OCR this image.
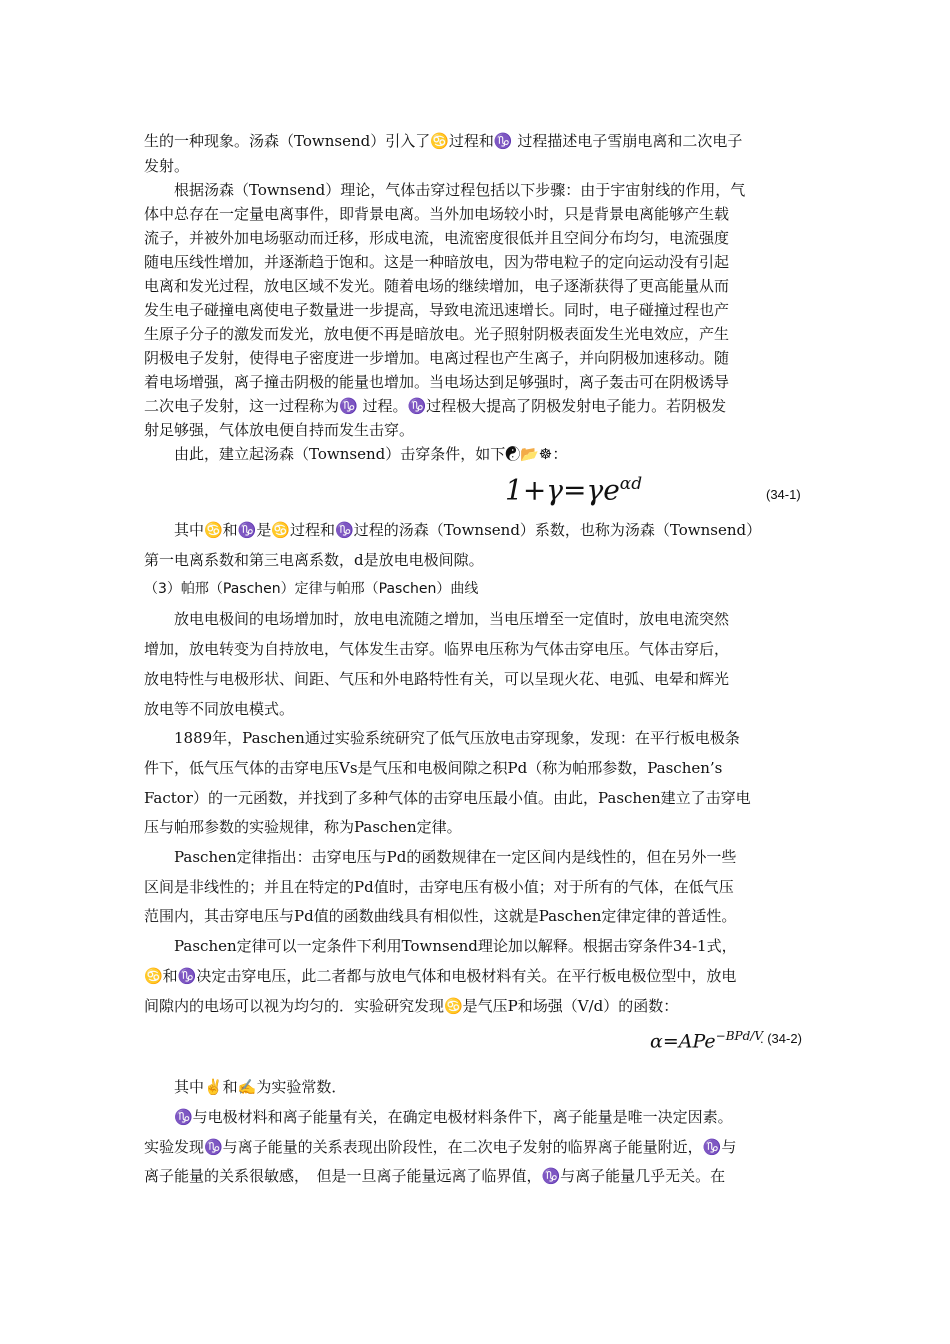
生的一种现象。汤森（Townsend）引入了♋过程和♑ 过程描述电子雪崩电离和二次电子
发射。
　　根据汤森（Townsend）理论，气体击穿过程包括以下步骤：由于宇宙射线的作用，气
体中总存在一定量电离事件，即背景电离。当外加电场较小时，只是背景电离能够产生载
流子，并被外加电场驱动而迁移，形成电流，电流密度很低并且空间分布均匀，电流强度
随电压线性增加，并逐渐趋于饱和。这是一种暗放电，因为带电粒子的定向运动没有引起
电离和发光过程，放电区域不发光。随着电场的继续增加，电子逐渐获得了更高能量从而
发生电子碰撞电离使电子数量进一步提高，导致电流迅速增长。同时，电子碰撞过程也产
生原子分子的激发而发光，放电便不再是暗放电。光子照射阴极表面发生光电效应，产生
阴极电子发射，使得电子密度进一步增加。电离过程也产生离子，并向阴极加速移动。随
着电场增强，离子撞击阴极的能量也增加。当电场达到足够强时，离子轰击可在阴极诱导
二次电子发射，这一过程称为♑ 过程。♑过程极大提高了阴极发射电子能力。若阴极发
射足够强，气体放电便自持而发生击穿。
　　由此，建立起汤森（Townsend）击穿条件，如下☯📂☸：
$1+\gamma=\gamma e^{\alpha d}$
(34-1)
　　其中♋和♑是♋过程和♑过程的汤森（Townsend）系数，也称为汤森（Townsend）
第一电离系数和第三电离系数，d是放电电极间隙。
（3）帕邢（Paschen）定律与帕邢（Paschen）曲线
　　放电电极间的电场增加时，放电电流随之增加，当电压增至一定值时，放电电流突然
增加，放电转变为自持放电，气体发生击穿。临界电压称为气体击穿电压。气体击穿后，
放电特性与电极形状、间距、气压和外电路特性有关，可以呈现火花、电弧、电晕和辉光
放电等不同放电模式。
　　1889年，Paschen通过实验系统研究了低气压放电击穿现象，发现：在平行板电极条
件下，低气压气体的击穿电压Vs是气压和电极间隙之积Pd（称为帕邢参数，Paschen’s
Factor）的一元函数，并找到了多种气体的击穿电压最小值。由此，Paschen建立了击穿电
压与帕邢参数的实验规律，称为Paschen定律。
　　Paschen定律指出：击穿电压与Pd的函数规律在一定区间内是线性的，但在另外一些
区间是非线性的；并且在特定的Pd值时，击穿电压有极小值；对于所有的气体，在低气压
范围内，其击穿电压与Pd值的函数曲线具有相似性，这就是Paschen定律定律的普适性。
　　Paschen定律可以一定条件下利用Townsend理论加以解释。根据击穿条件34-1式，
♋和♑决定击穿电压，此二者都与放电气体和电极材料有关。在平行板电极位型中，放电
间隙内的电场可以视为均匀的．实验研究发现♋是气压P和场强（V/d）的函数：
α=APe$^{-BPd/V}$
. (34-2)
　　其中✌和✍为实验常数．
　　♑与电极材料和离子能量有关，在确定电极材料条件下，离子能量是唯一决定因素。
实验发现♑与离子能量的关系表现出阶段性，在二次电子发射的临界离子能量附近，♑与
离子能量的关系很敏感，　但是一旦离子能量远离了临界值，♑与离子能量几乎无关。在
